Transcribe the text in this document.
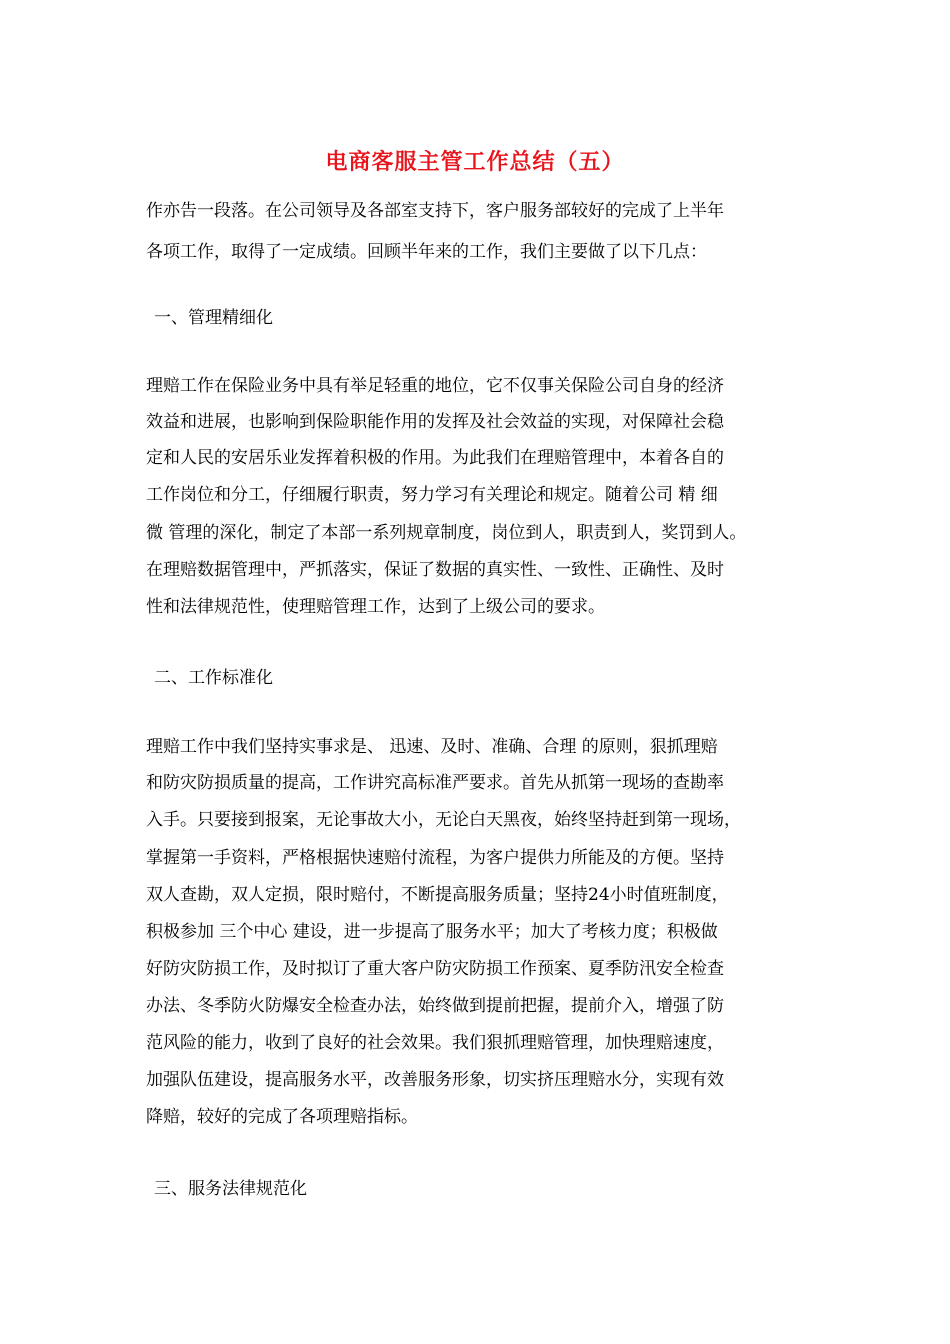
电商客服主管工作总结（五）
作亦告一段落。在公司领导及各部室支持下，客户服务部较好的完成了上半年
各项工作，取得了一定成绩。回顾半年来的工作，我们主要做了以下几点：
一、管理精细化
理赔工作在保险业务中具有举足轻重的地位，它不仅事关保险公司自身的经济
效益和进展，也影响到保险职能作用的发挥及社会效益的实现，对保障社会稳
定和人民的安居乐业发挥着积极的作用。为此我们在理赔管理中，本着各自的
工作岗位和分工，仔细履行职责，努力学习有关理论和规定。随着公司 精 细
微 管理的深化，制定了本部一系列规章制度，岗位到人，职责到人，奖罚到人。
在理赔数据管理中，严抓落实，保证了数据的真实性、一致性、正确性、及时
性和法律规范性，使理赔管理工作，达到了上级公司的要求。
二、工作标准化
理赔工作中我们坚持实事求是、 迅速、及时、准确、合理 的原则，狠抓理赔
和防灾防损质量的提高，工作讲究高标准严要求。首先从抓第一现场的查勘率
入手。只要接到报案，无论事故大小，无论白天黑夜，始终坚持赶到第一现场，
掌握第一手资料，严格根据快速赔付流程，为客户提供力所能及的方便。坚持
双人查勘，双人定损，限时赔付，不断提高服务质量；坚持24小时值班制度，
积极参加 三个中心 建设，进一步提高了服务水平；加大了考核力度；积极做
好防灾防损工作，及时拟订了重大客户防灾防损工作预案、夏季防汛安全检查
办法、冬季防火防爆安全检查办法，始终做到提前把握，提前介入，增强了防
范风险的能力，收到了良好的社会效果。我们狠抓理赔管理，加快理赔速度，
加强队伍建设，提高服务水平，改善服务形象，切实挤压理赔水分，实现有效
降赔，较好的完成了各项理赔指标。
三、服务法律规范化
